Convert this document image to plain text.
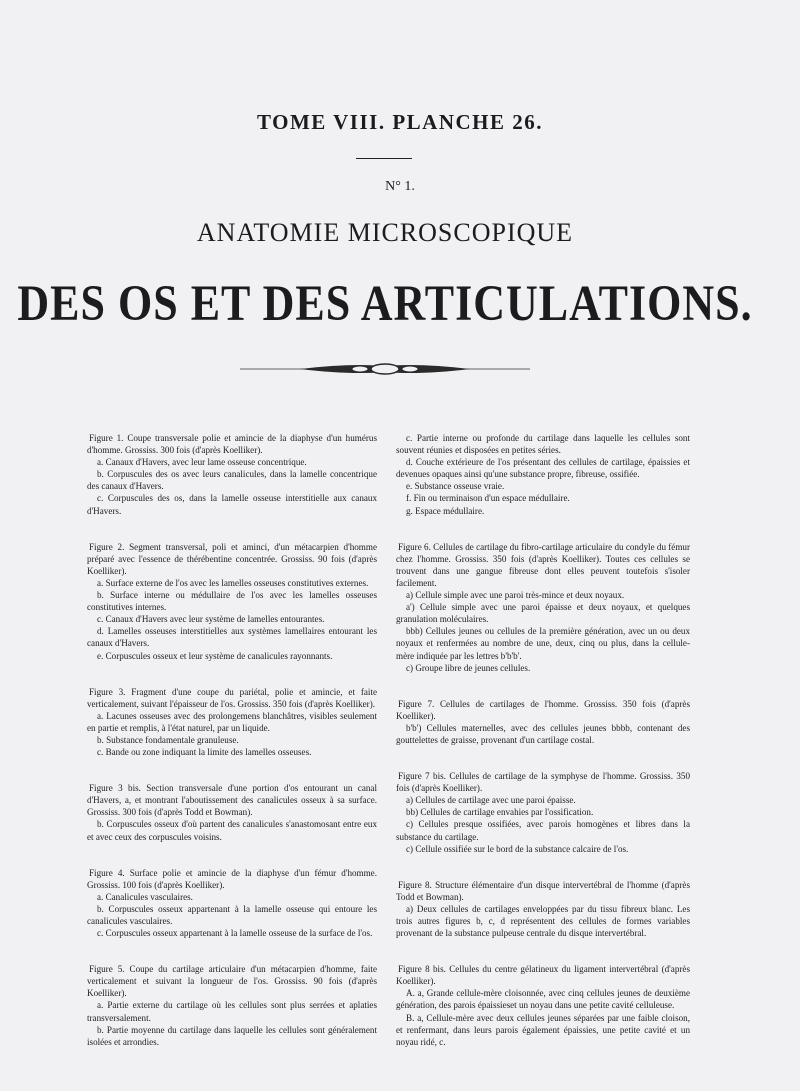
TOME VIII. PLANCHE 26.
N° 1.
ANATOMIE MICROSCOPIQUE
DES OS ET DES ARTICULATIONS.

Figure 1. Coupe transversale polie et amincie de la diaphyse d'un humérus d'homme. Grossiss. 300 fois (d'après Koelliker).

a. Canaux d'Havers, avec leur lame osseuse concentrique.

b. Corpuscules des os avec leurs canalicules, dans la lamelle concentrique des canaux d'Havers.

c. Corpuscules des os, dans la lamelle osseuse interstitielle aux canaux d'Havers.

Figure 2. Segment transversal, poli et aminci, d'un métacarpien d'homme préparé avec l'essence de thérébentine concentrée. Grossiss. 90 fois (d'après Koelliker).

a. Surface externe de l'os avec les lamelles osseuses constitutives externes.

b. Surface interne ou médullaire de l'os avec les lamelles osseuses constitutives internes.

c. Canaux d'Havers avec leur système de lamelles entourantes.

d. Lamelles osseuses interstitielles aux systèmes lamellaires entourant les canaux d'Havers.

e. Corpuscules osseux et leur système de canalicules rayonnants.

Figure 3. Fragment d'une coupe du pariétal, polie et amincie, et faite verticalement, suivant l'épaisseur de l'os. Grossiss. 350 fois (d'après Koelliker).

a. Lacunes osseuses avec des prolongemens blanchâtres, visibles seulement en partie et remplis, à l'état naturel, par un liquide.

b. Substance fondamentale granuleuse.

c. Bande ou zone indiquant la limite des lamelles osseuses.

Figure 3 bis. Section transversale d'une portion d'os entourant un canal d'Havers, a, et montrant l'aboutissement des canalicules osseux à sa surface. Grossiss. 300 fois (d'après Todd et Bowman).

b. Corpuscules osseux d'où partent des canalicules s'anastomosant entre eux et avec ceux des corpuscules voisins.

Figure 4. Surface polie et amincie de la diaphyse d'un fémur d'homme. Grossiss. 100 fois (d'après Koelliker).

a. Canalicules vasculaires.

b. Corpuscules osseux appartenant à la lamelle osseuse qui entoure les canalicules vasculaires.

c. Corpuscules osseux appartenant à la lamelle osseuse de la surface de l'os.

Figure 5. Coupe du cartilage articulaire d'un métacarpien d'homme, faite verticalement et suivant la longueur de l'os. Grossiss. 90 fois (d'après Koelliker).

a. Partie externe du cartilage où les cellules sont plus serrées et aplaties transversalement.

b. Partie moyenne du cartilage dans laquelle les cellules sont généralement isolées et arrondies.

c. Partie interne ou profonde du cartilage dans laquelle les cellules sont souvent réunies et disposées en petites séries.

d. Couche extérieure de l'os présentant des cellules de cartilage, épaissies et devenues opaques ainsi qu'une substance propre, fibreuse, ossifiée.

e. Substance osseuse vraie.

f. Fin ou terminaison d'un espace médullaire.

g. Espace médullaire.

Figure 6. Cellules de cartilage du fibro-cartilage articulaire du condyle du fémur chez l'homme. Grossiss. 350 fois (d'après Koelliker). Toutes ces cellules se trouvent dans une gangue fibreuse dont elles peuvent toutefois s'isoler facilement.

a) Cellule simple avec une paroi très-mince et deux noyaux.

a') Cellule simple avec une paroi épaisse et deux noyaux, et quelques granulation moléculaires.

bbb) Cellules jeunes ou cellules de la première génération, avec un ou deux noyaux et renfermées au nombre de une, deux, cinq ou plus, dans la cellule-mère indiquée par les lettres b'b'b'.

c) Groupe libre de jeunes cellules.

Figure 7. Cellules de cartilages de l'homme. Grossiss. 350 fois (d'après Koelliker).

b'b') Cellules maternelles, avec des cellules jeunes bbbb, contenant des gouttelettes de graisse, provenant d'un cartilage costal.

Figure 7 bis. Cellules de cartilage de la symphyse de l'homme. Grossiss. 350 fois (d'après Koelliker).

a) Cellules de cartilage avec une paroi épaisse.

bb) Cellules de cartilage envahies par l'ossification.

c) Cellules presque ossifiées, avec parois homogènes et libres dans la substance du cartilage.

c) Cellule ossifiée sur le bord de la substance calcaire de l'os.

Figure 8. Structure élémentaire d'un disque intervertébral de l'homme (d'après Todd et Bowman).

a) Deux cellules de cartilages enveloppées par du tissu fibreux blanc. Les trois autres figures b, c, d représentent des cellules de formes variables provenant de la substance pulpeuse centrale du disque intervertébral.

Figure 8 bis. Cellules du centre gélatineux du ligament intervertébral (d'après Koelliker).

A. a, Grande cellule-mère cloisonnée, avec cinq cellules jeunes de deuxième génération, des parois épaissieset un noyau dans une petite cavité celluleuse.

B. a, Cellule-mère avec deux cellules jeunes séparées par une faible cloison, et renfermant, dans leurs parois également épaissies, une petite cavité et un noyau ridé, c.
